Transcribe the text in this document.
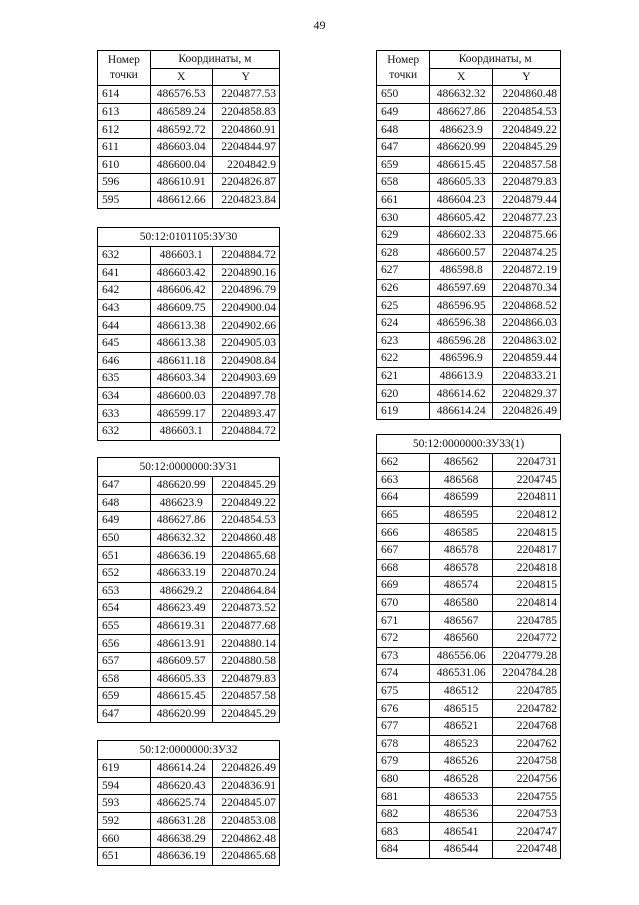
49
Номер
точки	Координаты, м	
	X	Y
614	486576.53	2204877.53
613	486589.24	2204858.83
612	486592.72	2204860.91
611	486603.04	2204844.97
610	486600.04	2204842.9
596	486610.91	2204826.87
595	486612.66	2204823.84
50:12:0101105:ЗУ30		
632	486603.1	2204884.72
641	486603.42	2204890.16
642	486606.42	2204896.79
643	486609.75	2204900.04
644	486613.38	2204902.66
645	486613.38	2204905.03
646	486611.18	2204908.84
635	486603.34	2204903.69
634	486600.03	2204897.78
633	486599.17	2204893.47
632	486603.1	2204884.72
50:12:0000000:ЗУ31		
647	486620.99	2204845.29
648	486623.9	2204849.22
649	486627.86	2204854.53
650	486632.32	2204860.48
651	486636.19	2204865.68
652	486633.19	2204870.24
653	486629.2	2204864.84
654	486623.49	2204873.52
655	486619.31	2204877.68
656	486613.91	2204880.14
657	486609.57	2204880.58
658	486605.33	2204879.83
659	486615.45	2204857.58
647	486620.99	2204845.29
50:12:0000000:ЗУ32		
619	486614.24	2204826.49
594	486620.43	2204836.91
593	486625.74	2204845.07
592	486631.28	2204853.08
660	486638.29	2204862.48
651	486636.19	2204865.68
Номер
точки	Координаты, м	
	X	Y
650	486632.32	2204860.48
649	486627.86	2204854.53
648	486623.9	2204849.22
647	486620.99	2204845.29
659	486615.45	2204857.58
658	486605.33	2204879.83
661	486604.23	2204879.44
630	486605.42	2204877.23
629	486602.33	2204875.66
628	486600.57	2204874.25
627	486598.8	2204872.19
626	486597.69	2204870.34
625	486596.95	2204868.52
624	486596.38	2204866.03
623	486596.28	2204863.02
622	486596.9	2204859.44
621	486613.9	2204833.21
620	486614.62	2204829.37
619	486614.24	2204826.49
50:12:0000000:ЗУ33(1)		
662	486562	2204731
663	486568	2204745
664	486599	2204811
665	486595	2204812
666	486585	2204815
667	486578	2204817
668	486578	2204818
669	486574	2204815
670	486580	2204814
671	486567	2204785
672	486560	2204772
673	486556.06	2204779.28
674	486531.06	2204784.28
675	486512	2204785
676	486515	2204782
677	486521	2204768
678	486523	2204762
679	486526	2204758
680	486528	2204756
681	486533	2204755
682	486536	2204753
683	486541	2204747
684	486544	2204748
